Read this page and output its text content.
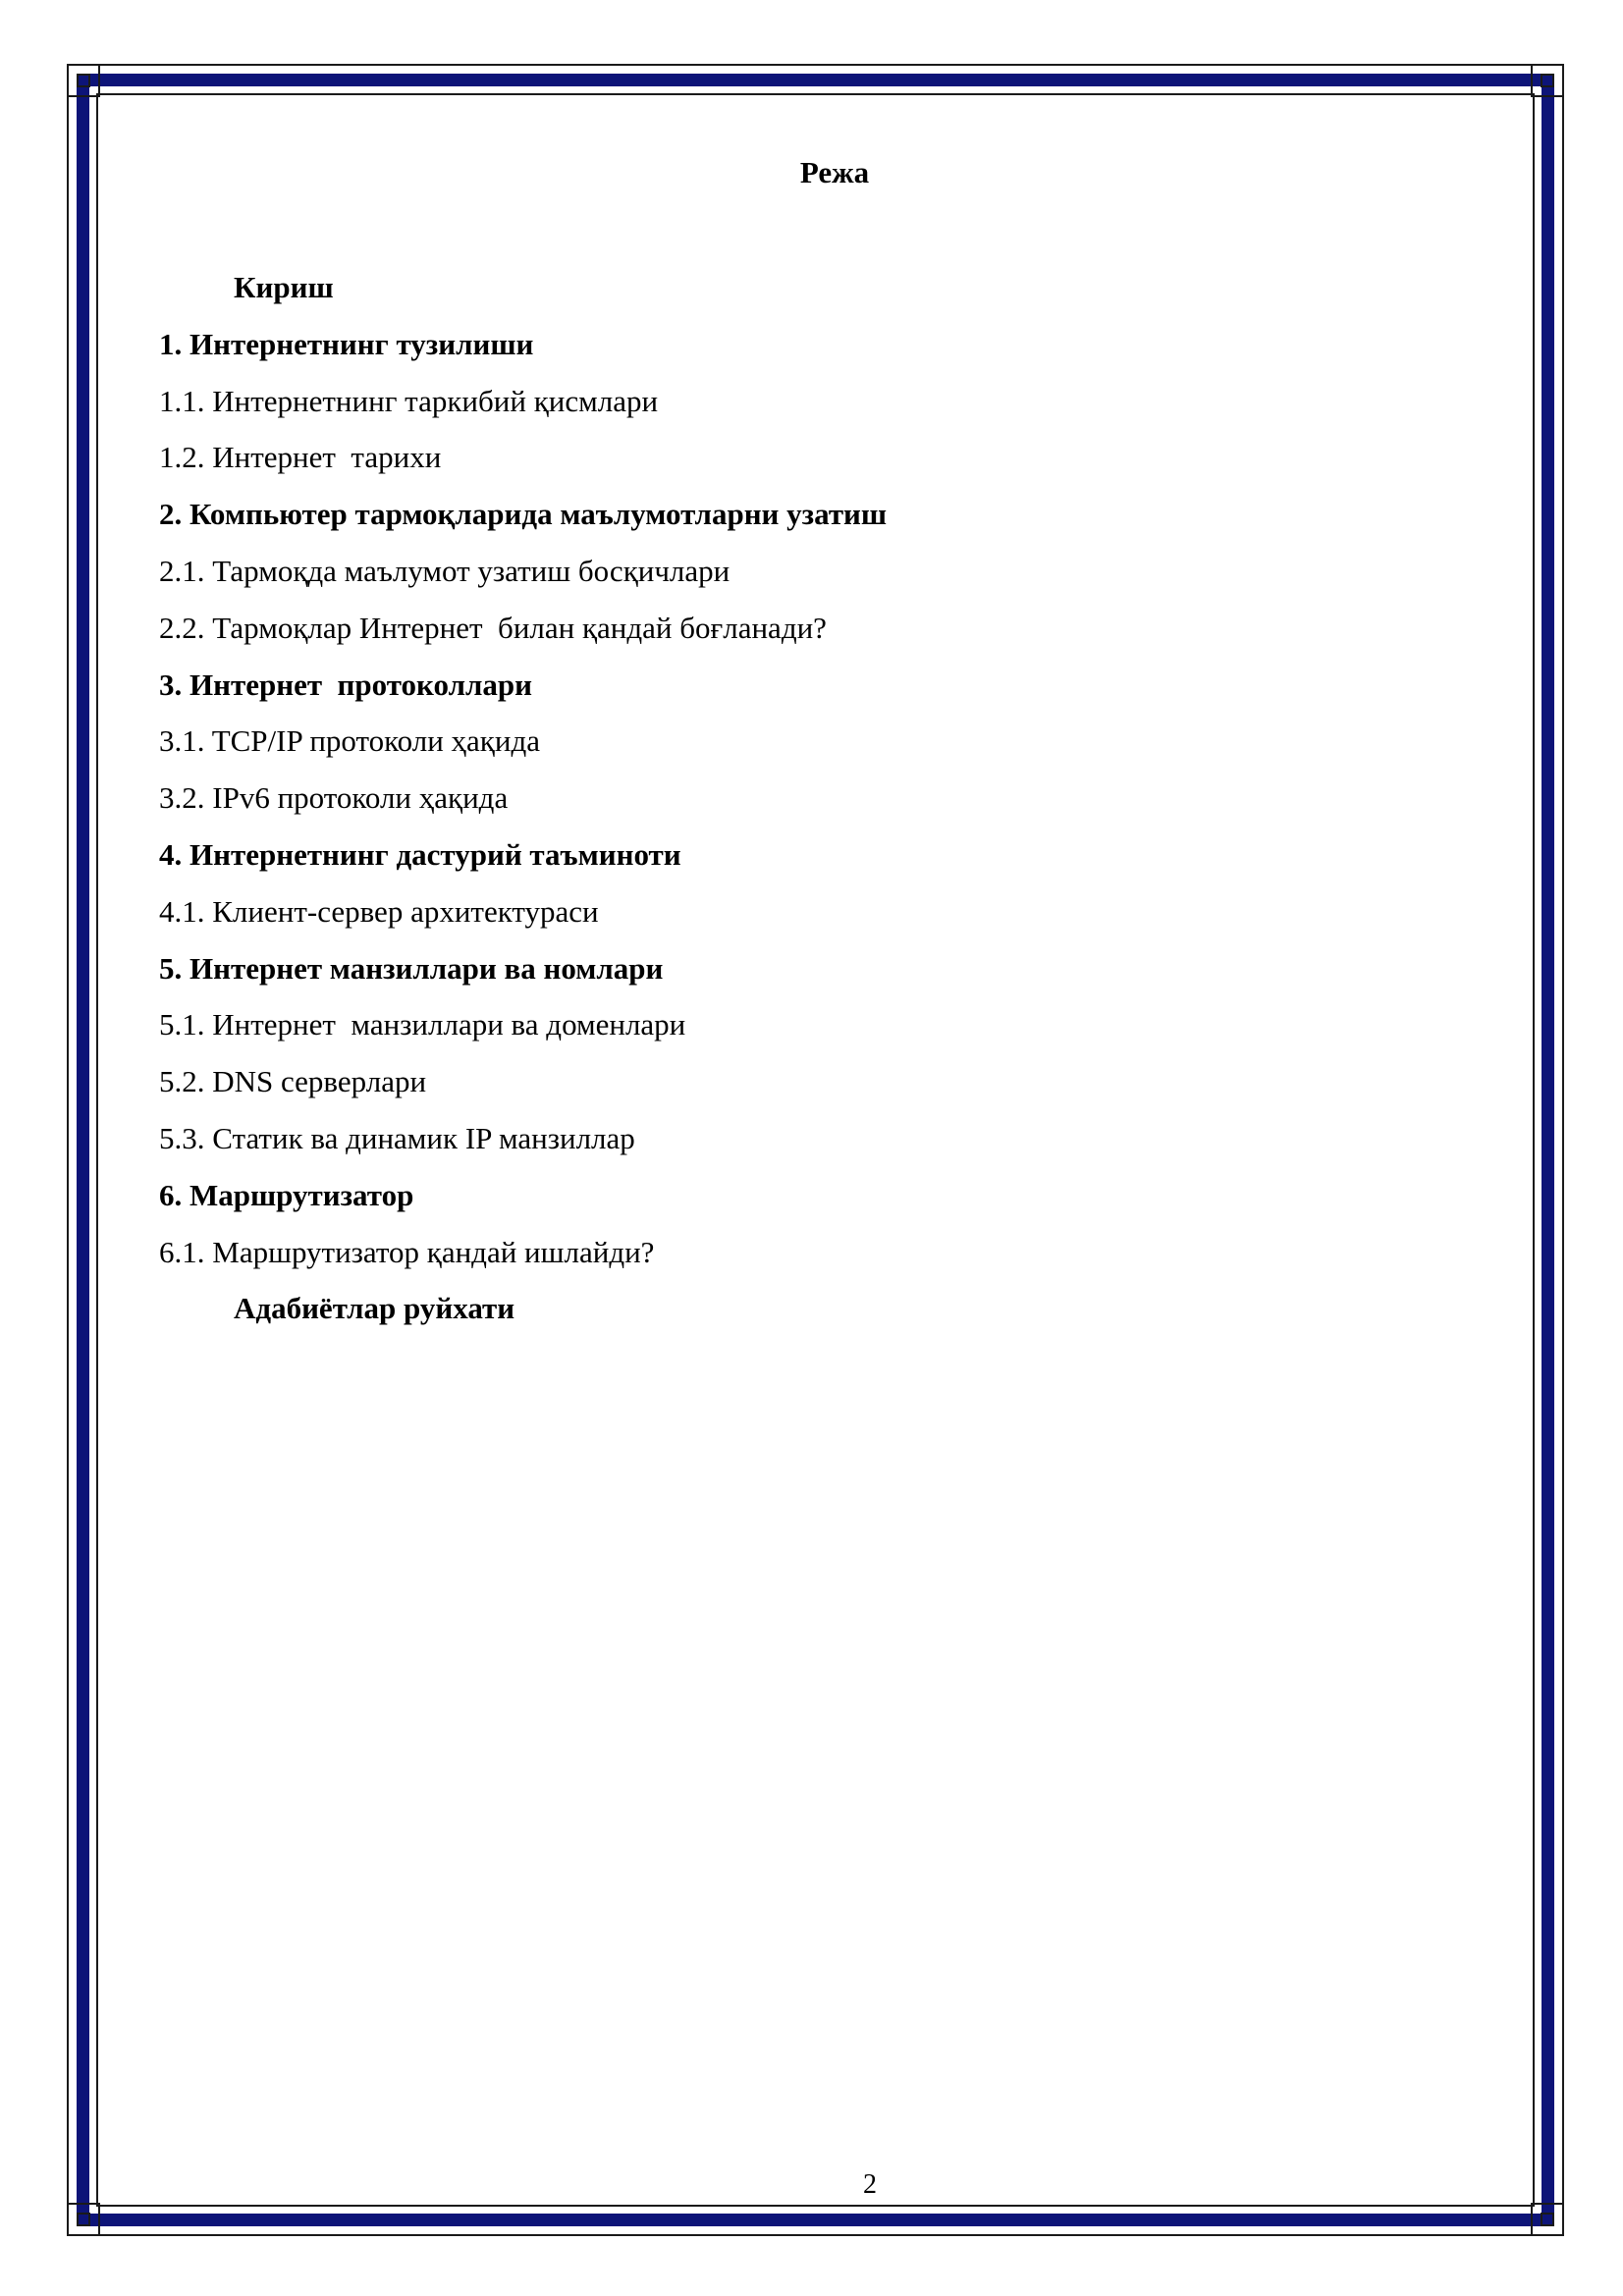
Режа
Кириш
1. Интернетнинг тузилиши
1.1. Интернетнинг таркибий қисмлари
1.2. Интернет  тарихи
2. Компьютер тармоқларида маълумотларни узатиш
2.1. Тармоқда маълумот узатиш босқичлари
2.2. Тармоқлар Интернет  билан қандай боғланади?
3. Интернет  протоколлари
3.1. TCP/IP протоколи ҳақида
3.2. IPv6 протоколи ҳақида
4. Интернетнинг дастурий таъминоти
4.1. Клиент-сервер архитектураси
5. Интернет манзиллари ва номлари
5.1. Интернет  манзиллари ва доменлари
5.2. DNS серверлари
5.3. Статик ва динамик IP манзиллар
6. Маршрутизатор
6.1. Маршрутизатор қандай ишлайди?
Адабиётлар руйхати
2
